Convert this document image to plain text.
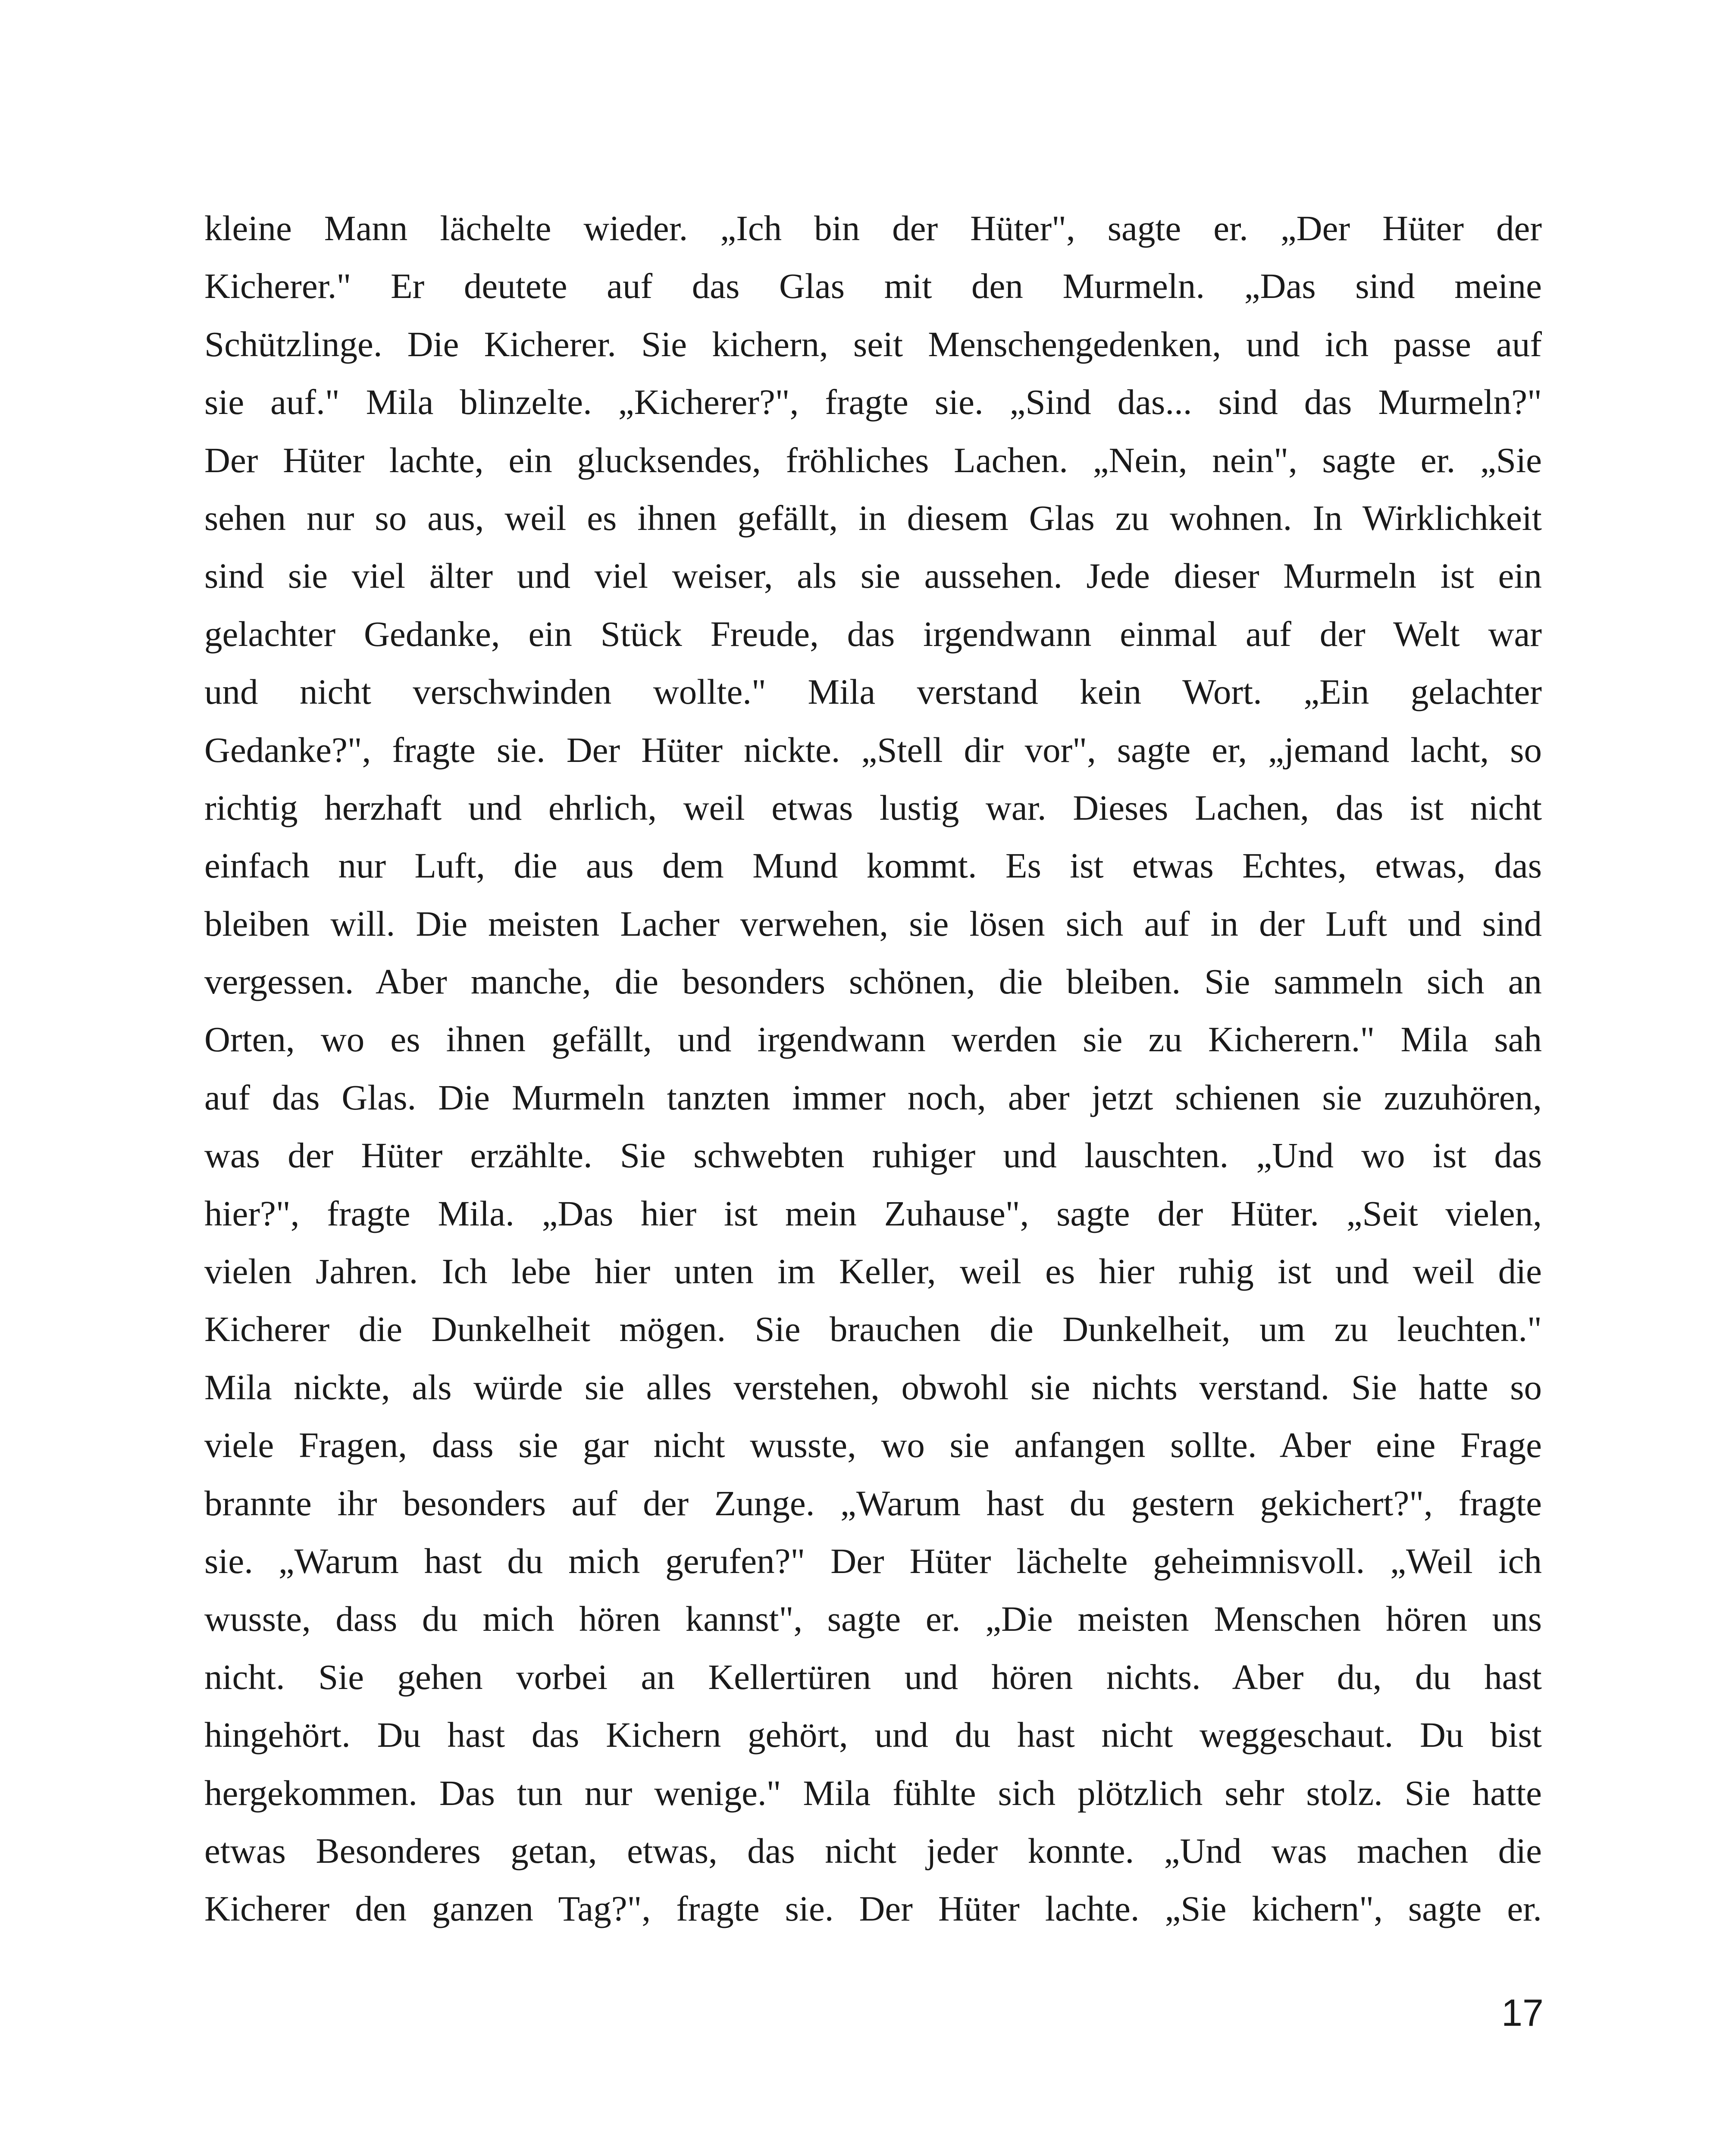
kleine Mann lächelte wieder. „Ich bin der Hüter", sagte er. „Der Hüter der
Kicherer." Er deutete auf das Glas mit den Murmeln. „Das sind meine
Schützlinge. Die Kicherer. Sie kichern, seit Menschengedenken, und ich passe auf
sie auf." Mila blinzelte. „Kicherer?", fragte sie. „Sind das... sind das Murmeln?"
Der Hüter lachte, ein glucksendes, fröhliches Lachen. „Nein, nein", sagte er. „Sie
sehen nur so aus, weil es ihnen gefällt, in diesem Glas zu wohnen. In Wirklichkeit
sind sie viel älter und viel weiser, als sie aussehen. Jede dieser Murmeln ist ein
gelachter Gedanke, ein Stück Freude, das irgendwann einmal auf der Welt war
und nicht verschwinden wollte." Mila verstand kein Wort. „Ein gelachter
Gedanke?", fragte sie. Der Hüter nickte. „Stell dir vor", sagte er, „jemand lacht, so
richtig herzhaft und ehrlich, weil etwas lustig war. Dieses Lachen, das ist nicht
einfach nur Luft, die aus dem Mund kommt. Es ist etwas Echtes, etwas, das
bleiben will. Die meisten Lacher verwehen, sie lösen sich auf in der Luft und sind
vergessen. Aber manche, die besonders schönen, die bleiben. Sie sammeln sich an
Orten, wo es ihnen gefällt, und irgendwann werden sie zu Kicherern." Mila sah
auf das Glas. Die Murmeln tanzten immer noch, aber jetzt schienen sie zuzuhören,
was der Hüter erzählte. Sie schwebten ruhiger und lauschten. „Und wo ist das
hier?", fragte Mila. „Das hier ist mein Zuhause", sagte der Hüter. „Seit vielen,
vielen Jahren. Ich lebe hier unten im Keller, weil es hier ruhig ist und weil die
Kicherer die Dunkelheit mögen. Sie brauchen die Dunkelheit, um zu leuchten."
Mila nickte, als würde sie alles verstehen, obwohl sie nichts verstand. Sie hatte so
viele Fragen, dass sie gar nicht wusste, wo sie anfangen sollte. Aber eine Frage
brannte ihr besonders auf der Zunge. „Warum hast du gestern gekichert?", fragte
sie. „Warum hast du mich gerufen?" Der Hüter lächelte geheimnisvoll. „Weil ich
wusste, dass du mich hören kannst", sagte er. „Die meisten Menschen hören uns
nicht. Sie gehen vorbei an Kellertüren und hören nichts. Aber du, du hast
hingehört. Du hast das Kichern gehört, und du hast nicht weggeschaut. Du bist
hergekommen. Das tun nur wenige." Mila fühlte sich plötzlich sehr stolz. Sie hatte
etwas Besonderes getan, etwas, das nicht jeder konnte. „Und was machen die
Kicherer den ganzen Tag?", fragte sie. Der Hüter lachte. „Sie kichern", sagte er.
17
